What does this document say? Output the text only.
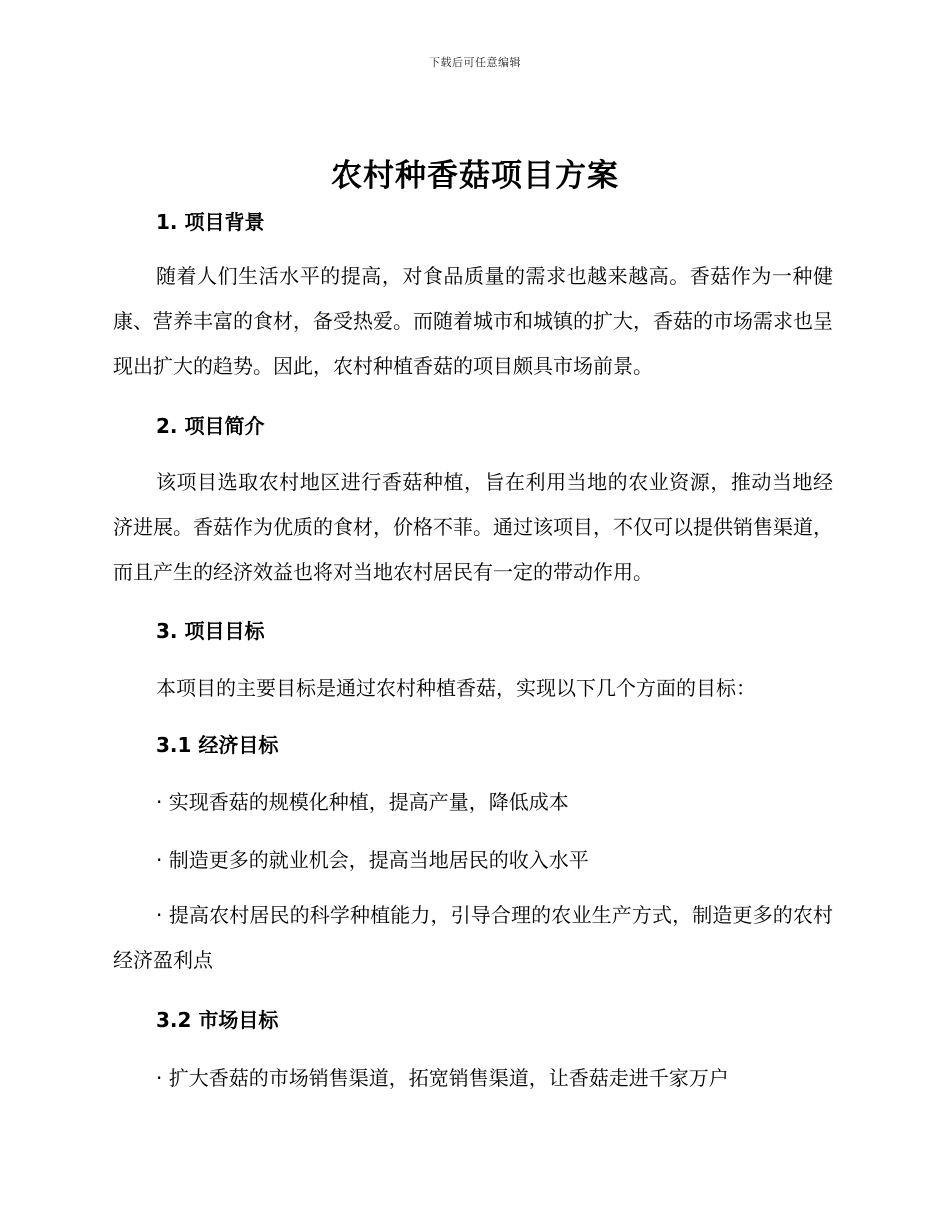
下载后可任意编辑
农村种香菇项目方案
1. 项目背景

随着人们生活水平的提高，对食品质量的需求也越来越高。香菇作为一种健康、营养丰富的食材，备受热爱。而随着城市和城镇的扩大，香菇的市场需求也呈现出扩大的趋势。因此，农村种植香菇的项目颇具市场前景。

2. 项目简介

该项目选取农村地区进行香菇种植，旨在利用当地的农业资源，推动当地经济进展。香菇作为优质的食材，价格不菲。通过该项目，不仅可以提供销售渠道，而且产生的经济效益也将对当地农村居民有一定的带动作用。

3. 项目目标
本项目的主要目标是通过农村种植香菇，实现以下几个方面的目标：
3.1 经济目标
· 实现香菇的规模化种植，提高产量，降低成本
· 制造更多的就业机会，提高当地居民的收入水平

· 提高农村居民的科学种植能力，引导合理的农业生产方式，制造更多的农村经济盈利点

3.2 市场目标
· 扩大香菇的市场销售渠道，拓宽销售渠道，让香菇走进千家万户
